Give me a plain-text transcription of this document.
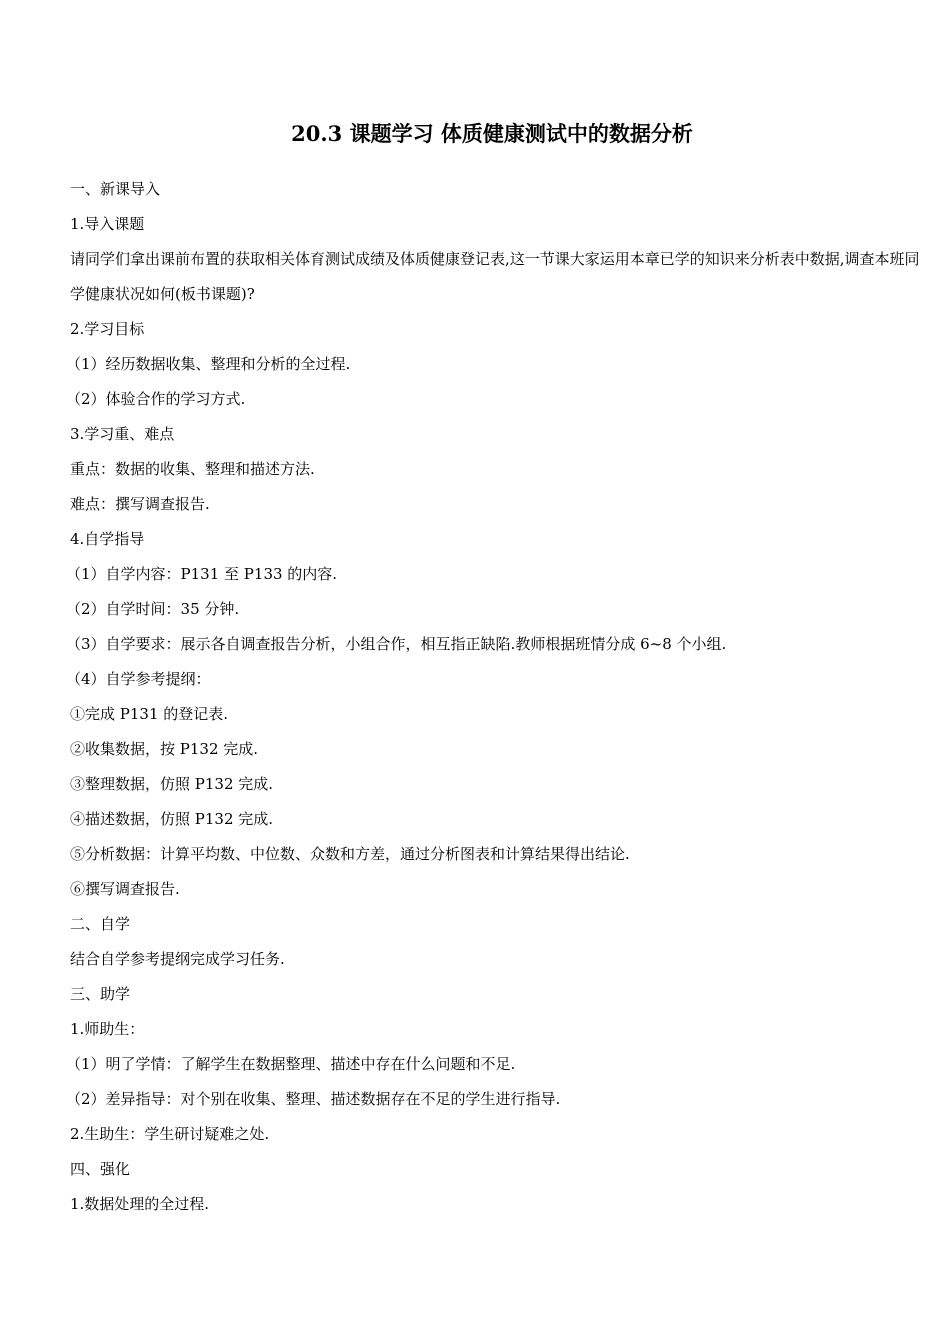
20.3 课题学习 体质健康测试中的数据分析

一、新课导入

1.导入课题

请同学们拿出课前布置的获取相关体育测试成绩及体质健康登记表,这一节课大家运用本章已学的知识来分析表中数据,调查本班同学健康状况如何(板书课题)?

2.学习目标

（1）经历数据收集、整理和分析的全过程.

（2）体验合作的学习方式.

3.学习重、难点

重点：数据的收集、整理和描述方法.

难点：撰写调查报告.

4.自学指导

（1）自学内容：P131 至 P133 的内容.

（2）自学时间：35 分钟.

（3）自学要求：展示各自调查报告分析，小组合作，相互指正缺陷.教师根据班情分成 6~8 个小组.

（4）自学参考提纲：

①完成 P131 的登记表.

②收集数据，按 P132 完成.

③整理数据，仿照 P132 完成.

④描述数据，仿照 P132 完成.

⑤分析数据：计算平均数、中位数、众数和方差，通过分析图表和计算结果得出结论.

⑥撰写调查报告.

二、自学

结合自学参考提纲完成学习任务.

三、助学

1.师助生：

（1）明了学情：了解学生在数据整理、描述中存在什么问题和不足.

（2）差异指导：对个别在收集、整理、描述数据存在不足的学生进行指导.

2.生助生：学生研讨疑难之处.

四、强化

1.数据处理的全过程.
